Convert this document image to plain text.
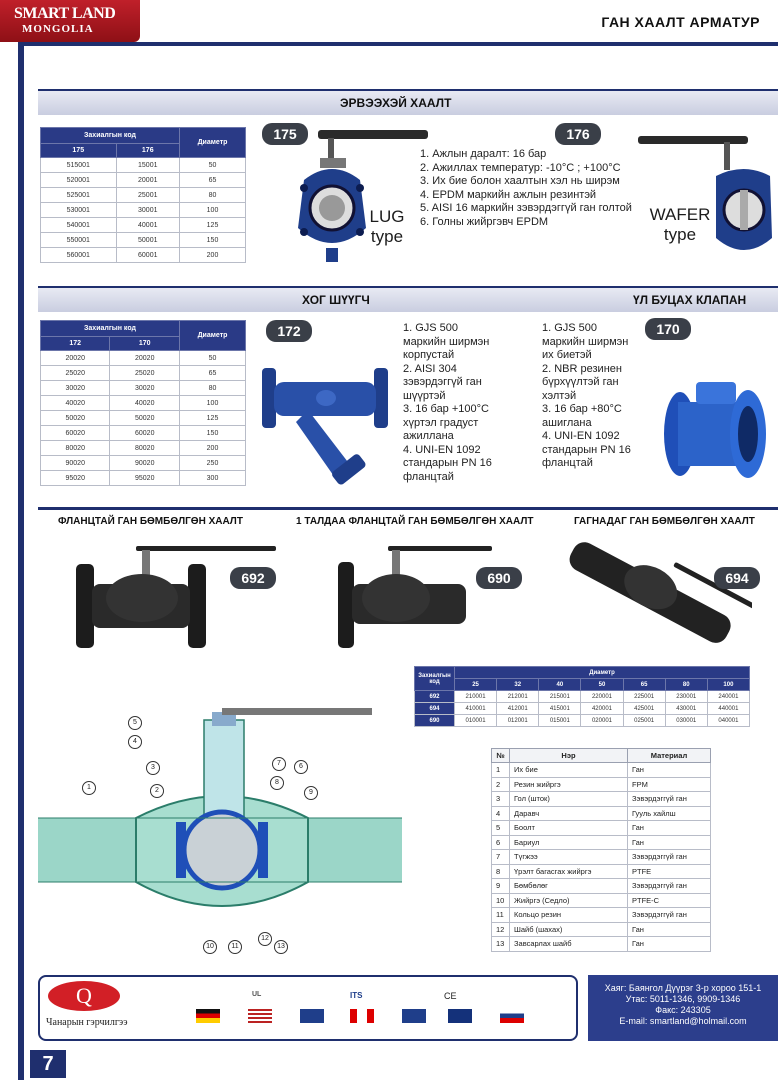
SMART LAND
MONGOLIA	ГАН ХААЛТ АРМАТУР
ЭРВЭЭХЭЙ ХААЛТ
Захиалгын код		Диаметр
175	176	
515001	15001	50
520001	20001	65
525001	25001	80
530001	30001	100
540001	40001	125
550001	50001	150
560001	60001	200
175	176
LUG
type
1. Ажлын даралт: 16 бар
2. Ажиллах температур: -10°С ; +100°С
3. Их бие болон хаалтын хэл нь ширэм
4. EPDM маркийн ажлын резинтэй
5. AISI 16 маркийн зэвэрдэггүй ган голтой
6. Голны жийргэвч EPDM	WAFER
type
ХОГ ШҮҮГЧ	ҮЛ БУЦАХ КЛАПАН
Захиалгын код		Диаметр
172	170	
20020	20020	50
25020	25020	65
30020	30020	80
40020	40020	100
50020	50020	125
60020	60020	150
80020	80020	200
90020	90020	250
95020	95020	300
172	170
1. GJS 500
маркийн ширмэн
корпустай
2. AISI 304
зэвэрдэггүй ган
шүүртэй
3. 16 бар +100°С
хүртэл градуст
ажиллана
4. UNI-EN 1092
стандарын PN 16
фланцтай
1. GJS 500
маркийн ширмэн
их биетэй
2. NBR резинен
бүрхүүлтэй ган
хэлтэй
3. 16 бар +80°С
ашиглана
4. UNI-EN 1092
стандарын PN 16
фланцтай
ФЛАНЦТАЙ ГАН БӨМБӨЛГӨН ХААЛТ	1 ТАЛДАА ФЛАНЦТАЙ ГАН БӨМБӨЛГӨН ХААЛТ	ГАГНАДАГ ГАН БӨМБӨЛГӨН ХААЛТ
692	690	694
Захиалгын код	Диаметр						
	25	32	40	50	65	80	100
692	210001	212001	215001	220001	225001	230001	240001
694	410001	412001	415001	420001	425001	430001	440001
690	010001	012001	015001	020001	025001	030001	040001
1	2
3
4
5
6
7
8
9
10	11
12
13
№	Нэр	Материал
1	Их бие	Ган
2	Резин жийргэ	FPM
3	Гол (шток)	Зэвэрдэггүй ган
4	Даравч	Гууль хайлш
5	Боолт	Ган
6	Бариул	Ган
7	Түгжээ	Зэвэрдэггүй ган
8	Үрэлт багасгах жийргэ	PTFE
9	Бөмбөлөг	Зэвэрдэггүй ган
10	Жийргэ (Седло)	PTFE-C
11	Кольцо резин	Зэвэрдэггүй ган
12	Шайб (шахах)	Ган
13	Завсарлах шайб	Ган
Q
Чанарын гэрчилгээ
ITS
UL	CE
Хаяг: Баянгол Дүүрэг 3-р хороо 151-1
Утас: 5011-1346, 9909-1346
Факс: 243305
E-mail: smartland@holmail.com
7
